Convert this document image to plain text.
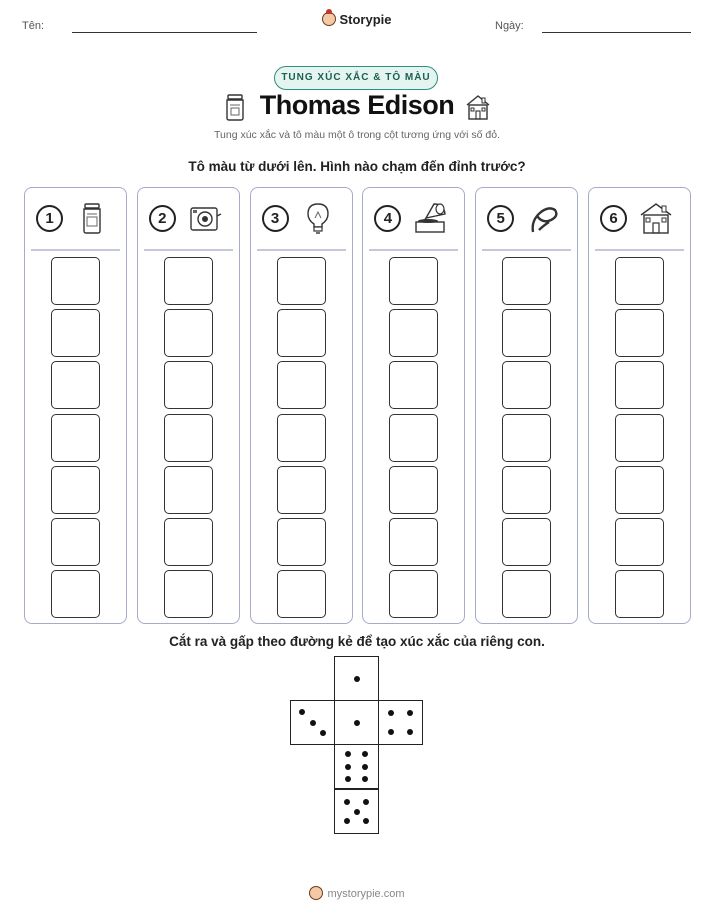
Tên:	Storypie	Ngày:
TUNG XÚC XẮC & TÔ MÀU
Thomas Edison
Tung xúc xắc và tô màu một ô trong cột tương ứng với số đỏ.
Tô màu từ dưới lên. Hình nào chạm đến đỉnh trước?
1	2	3	4	5	6
Cắt ra và gấp theo đường kẻ để tạo xúc xắc của riêng con.
mystorypie.com
